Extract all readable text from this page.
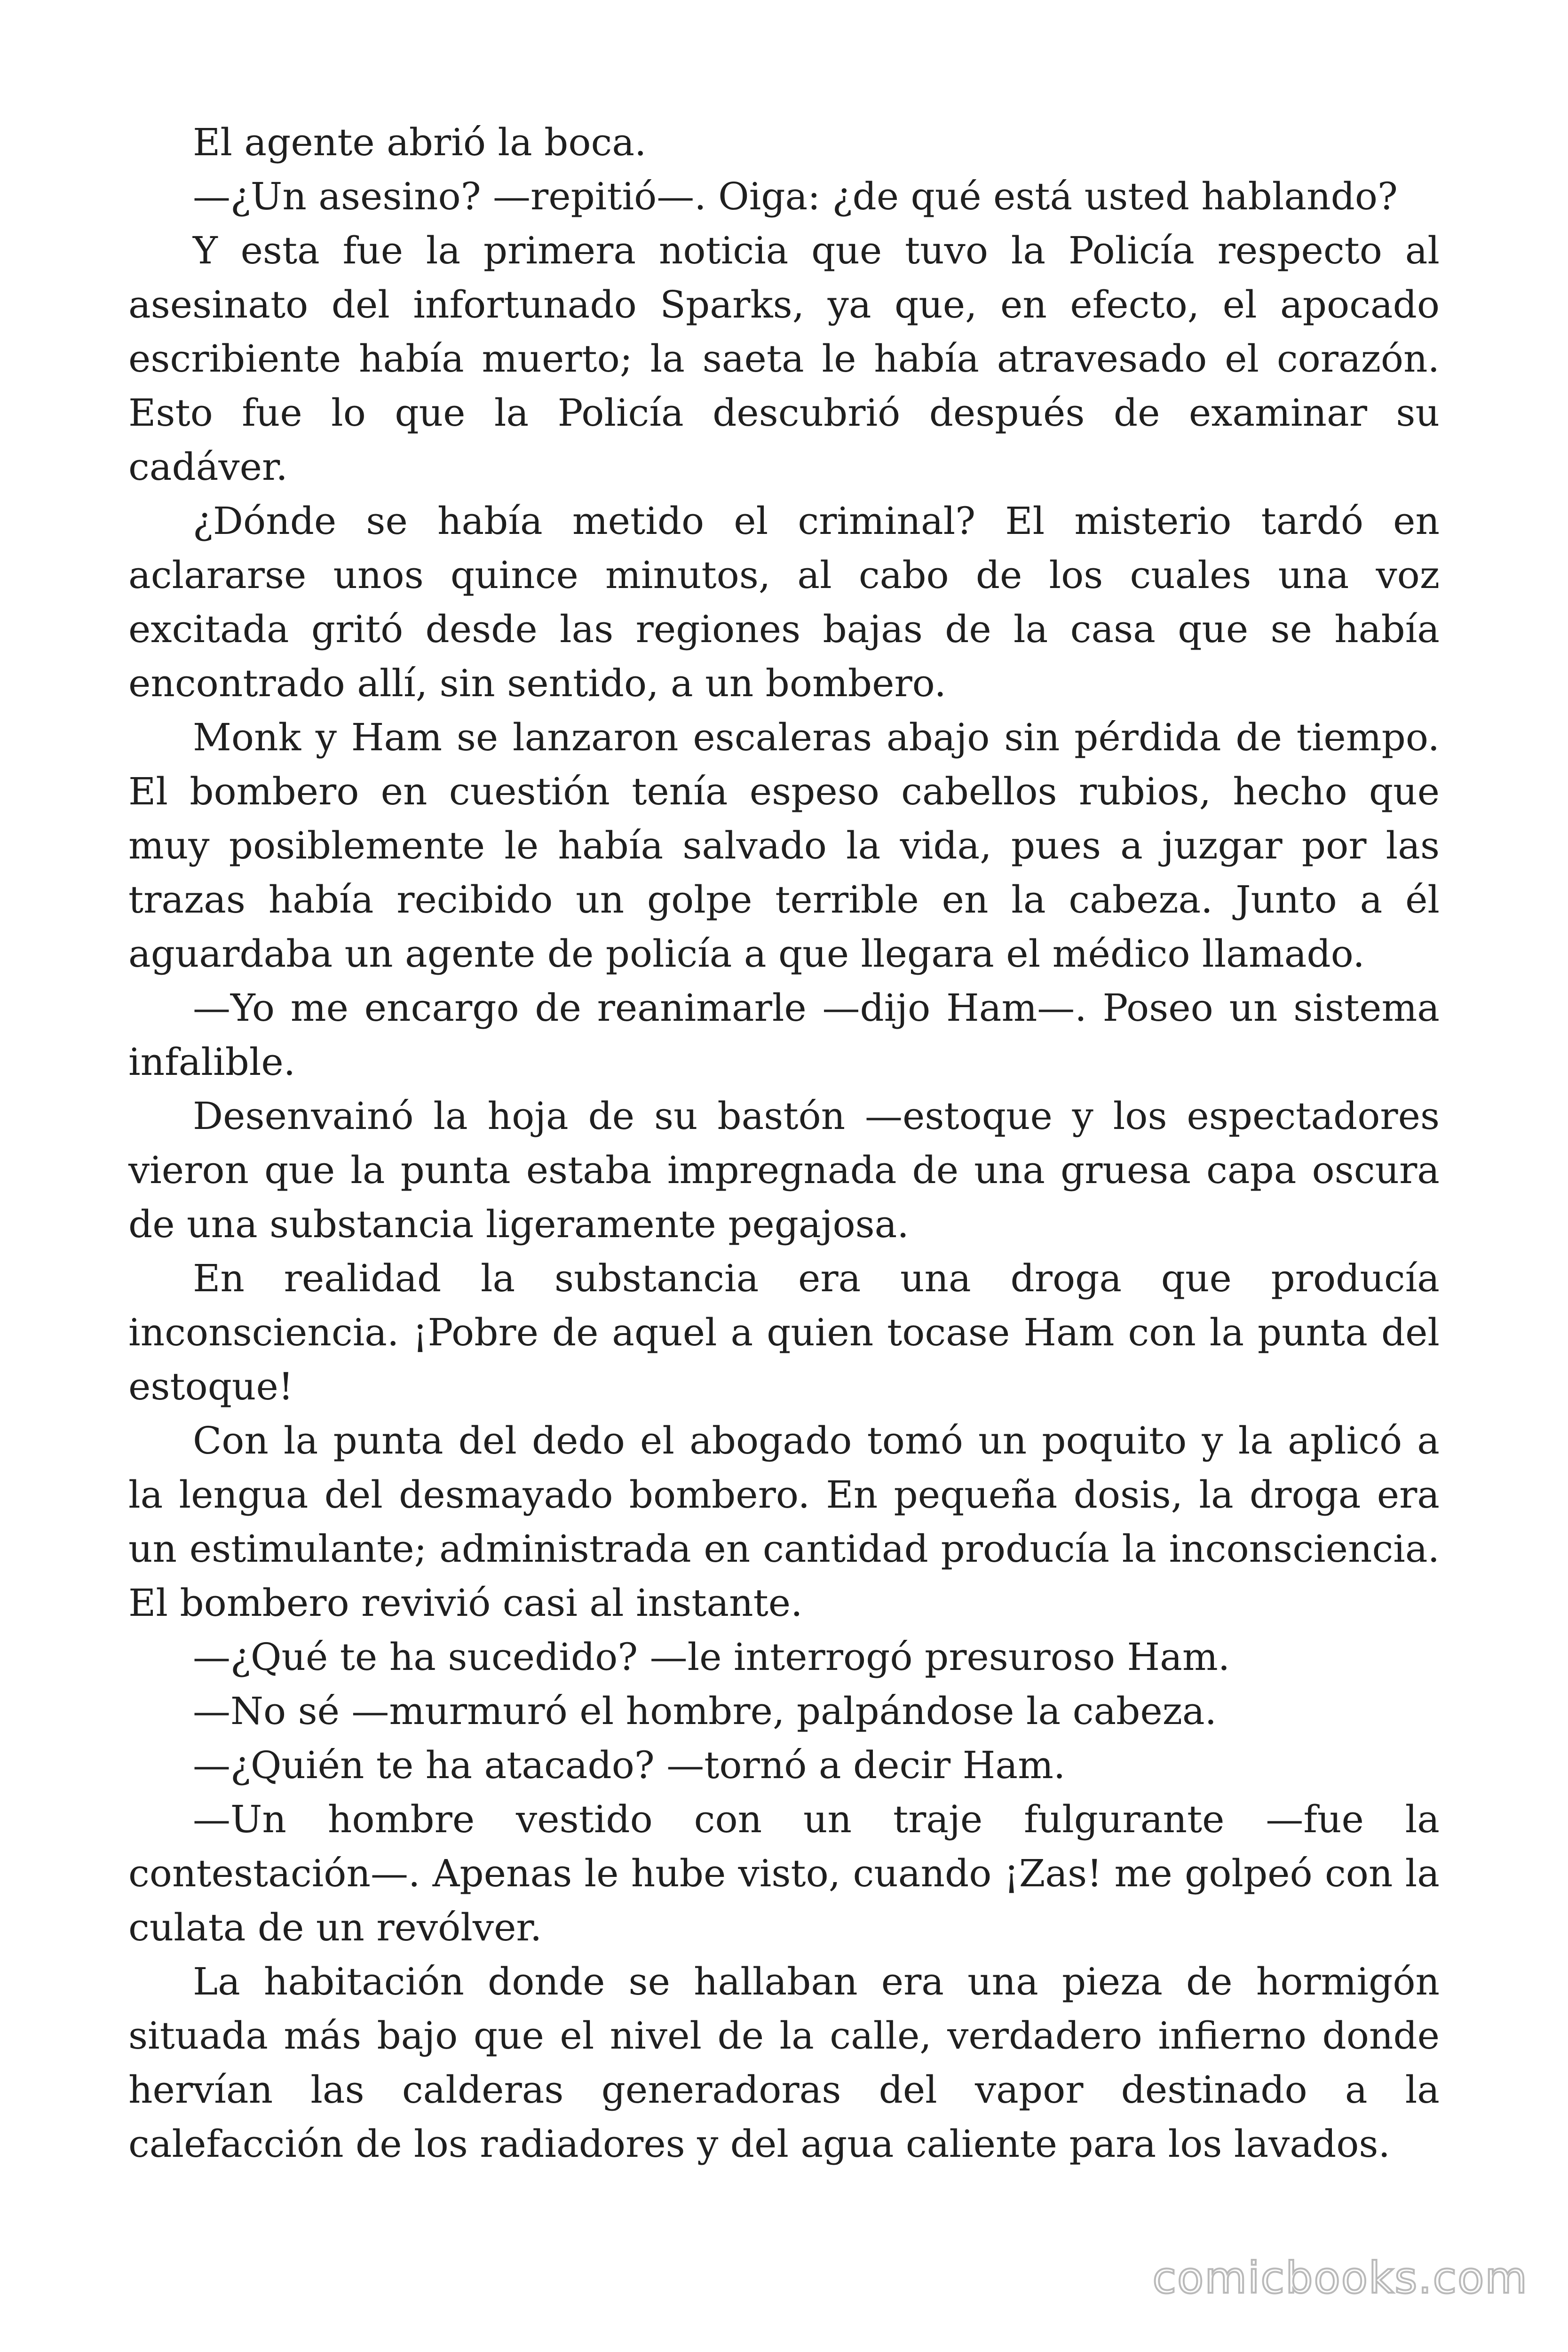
El agente abrió la boca.

—¿Un asesino? —repitió—. Oiga: ¿de qué está usted hablando?

Y esta fue la primera noticia que tuvo la Policía respecto al asesinato del infortunado Sparks, ya que, en efecto, el apocado escribiente había muerto; la saeta le había atravesado el corazón. Esto fue lo que la Policía descubrió después de examinar su cadáver.

¿Dónde se había metido el criminal? El misterio tardó en aclararse unos quince minutos, al cabo de los cuales una voz excitada gritó desde las regiones bajas de la casa que se había encontrado allí, sin sentido, a un bombero.

Monk y Ham se lanzaron escaleras abajo sin pérdida de tiempo. El bombero en cuestión tenía espeso cabellos rubios, hecho que muy posiblemente le había salvado la vida, pues a juzgar por las trazas había recibido un golpe terrible en la cabeza. Junto a él aguardaba un agente de policía a que llegara el médico llamado.

—Yo me encargo de reanimarle —dijo Ham—. Poseo un sistema infalible.

Desenvainó la hoja de su bastón —estoque y los espectadores vieron que la punta estaba impregnada de una gruesa capa oscura de una substancia ligeramente pegajosa.

En realidad la substancia era una droga que producía inconsciencia. ¡Pobre de aquel a quien tocase Ham con la punta del estoque!

Con la punta del dedo el abogado tomó un poquito y la aplicó a la lengua del desmayado bombero. En pequeña dosis, la droga era un estimulante; administrada en cantidad producía la inconsciencia. El bombero revivió casi al instante.

—¿Qué te ha sucedido? —le interrogó presuroso Ham.

—No sé —murmuró el hombre, palpándose la cabeza.

—¿Quién te ha atacado? —tornó a decir Ham.

—Un hombre vestido con un traje fulgurante —fue la contestación—. Apenas le hube visto, cuando ¡Zas! me golpeó con la culata de un revólver.

La habitación donde se hallaban era una pieza de hormigón situada más bajo que el nivel de la calle, verdadero infierno donde hervían las calderas generadoras del vapor destinado a la calefacción de los radiadores y del agua caliente para los lavados.

comicbooks.com
